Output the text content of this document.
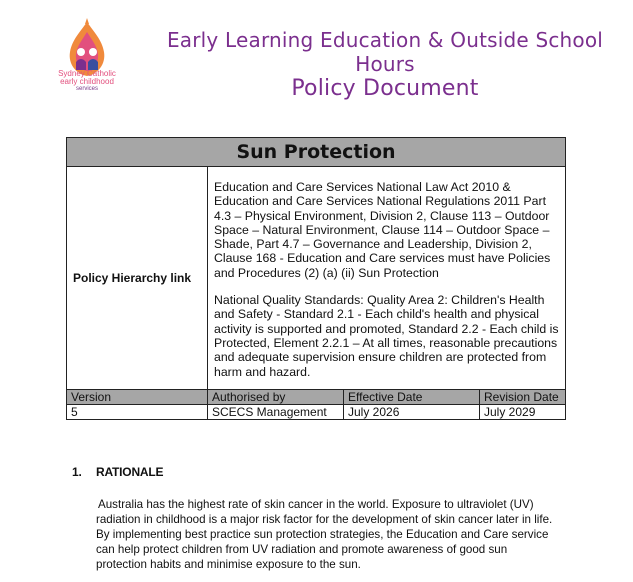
Sydney Catholic
early childhood
services
Early Learning Education & Outside School Hours
Policy Document
Sun Protection			
Policy Hierarchy link	Education and Care Services National Law Act 2010 & Education and Care Services National Regulations 2011 Part 4.3 – Physical Environment, Division 2, Clause 113 – Outdoor Space – Natural Environment, Clause 114 – Outdoor Space – Shade, Part 4.7 – Governance and Leadership, Division 2, Clause 168 - Education and Care services must have Policies and Procedures (2) (a) (ii) Sun Protection

National Quality Standards: Quality Area 2: Children's Health and Safety - Standard 2.1 - Each child's health and physical activity is supported and promoted, Standard 2.2 - Each child is Protected, Element 2.2.1 – At all times, reasonable precautions and adequate supervision ensure children are protected from harm and hazard.		

Version	Authorised by	Effective Date	Revision Date
5	SCECS Management	July 2026	July 2029
1. RATIONALE
Australia has the highest rate of skin cancer in the world. Exposure to ultraviolet (UV) radiation in childhood is a major risk factor for the development of skin cancer later in life. By implementing best practice sun protection strategies, the Education and Care service can help protect children from UV radiation and promote awareness of good sun protection habits and minimise exposure to the sun.
